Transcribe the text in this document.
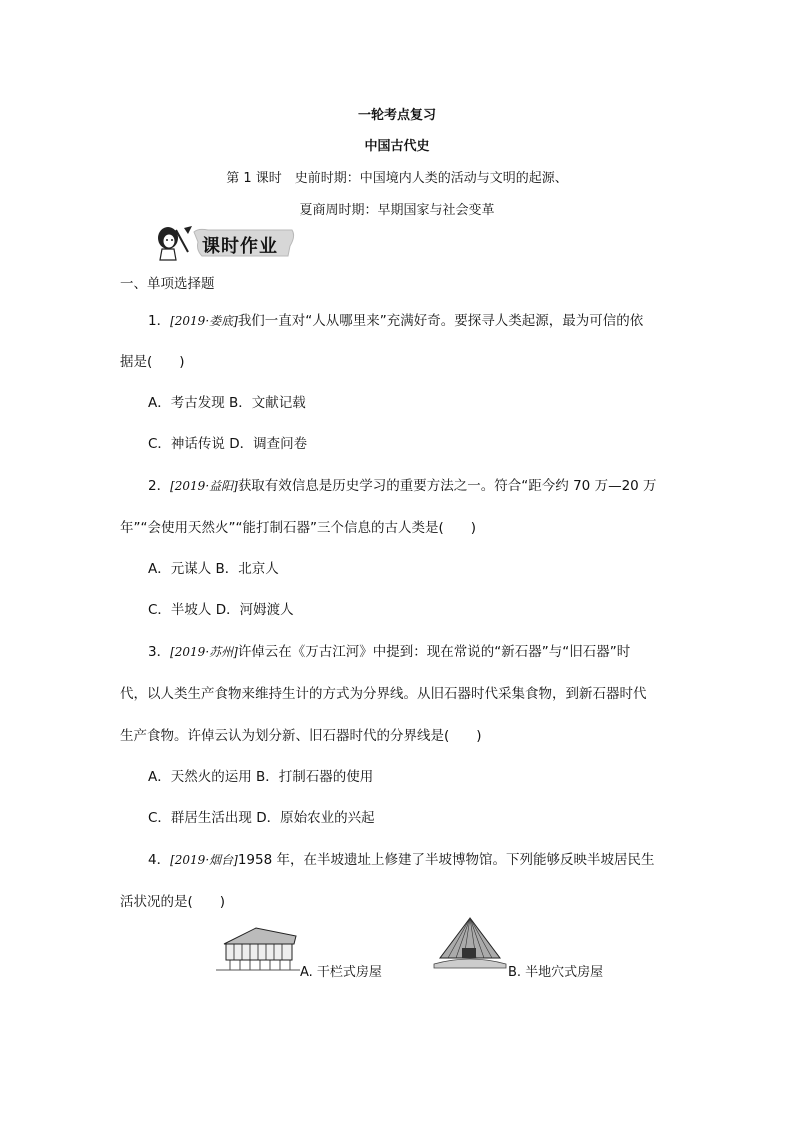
一轮考点复习
中国古代史
第 1 课时　史前时期：中国境内人类的活动与文明的起源、
夏商周时期：早期国家与社会变革
课时作业
一、单项选择题
1．[2019·娄底]我们一直对“人从哪里来”充满好奇。要探寻人类起源，最为可信的依
据是(　　)
A．考古发现 B．文献记载
C．神话传说 D．调查问卷
2．[2019·益阳]获取有效信息是历史学习的重要方法之一。符合“距今约 70 万—20 万
年”“会使用天然火”“能打制石器”三个信息的古人类是(　　)
A．元谋人 B．北京人
C．半坡人 D．河姆渡人
3．[2019·苏州]许倬云在《万古江河》中提到：现在常说的“新石器”与“旧石器”时
代，以人类生产食物来维持生计的方式为分界线。从旧石器时代采集食物，到新石器时代
生产食物。许倬云认为划分新、旧石器时代的分界线是(　　)
A．天然火的运用 B．打制石器的使用
C．群居生活出现 D．原始农业的兴起
4．[2019·烟台]1958 年，在半坡遗址上修建了半坡博物馆。下列能够反映半坡居民生
活状况的是(　　)
A. 干栏式房屋	B. 半地穴式房屋
